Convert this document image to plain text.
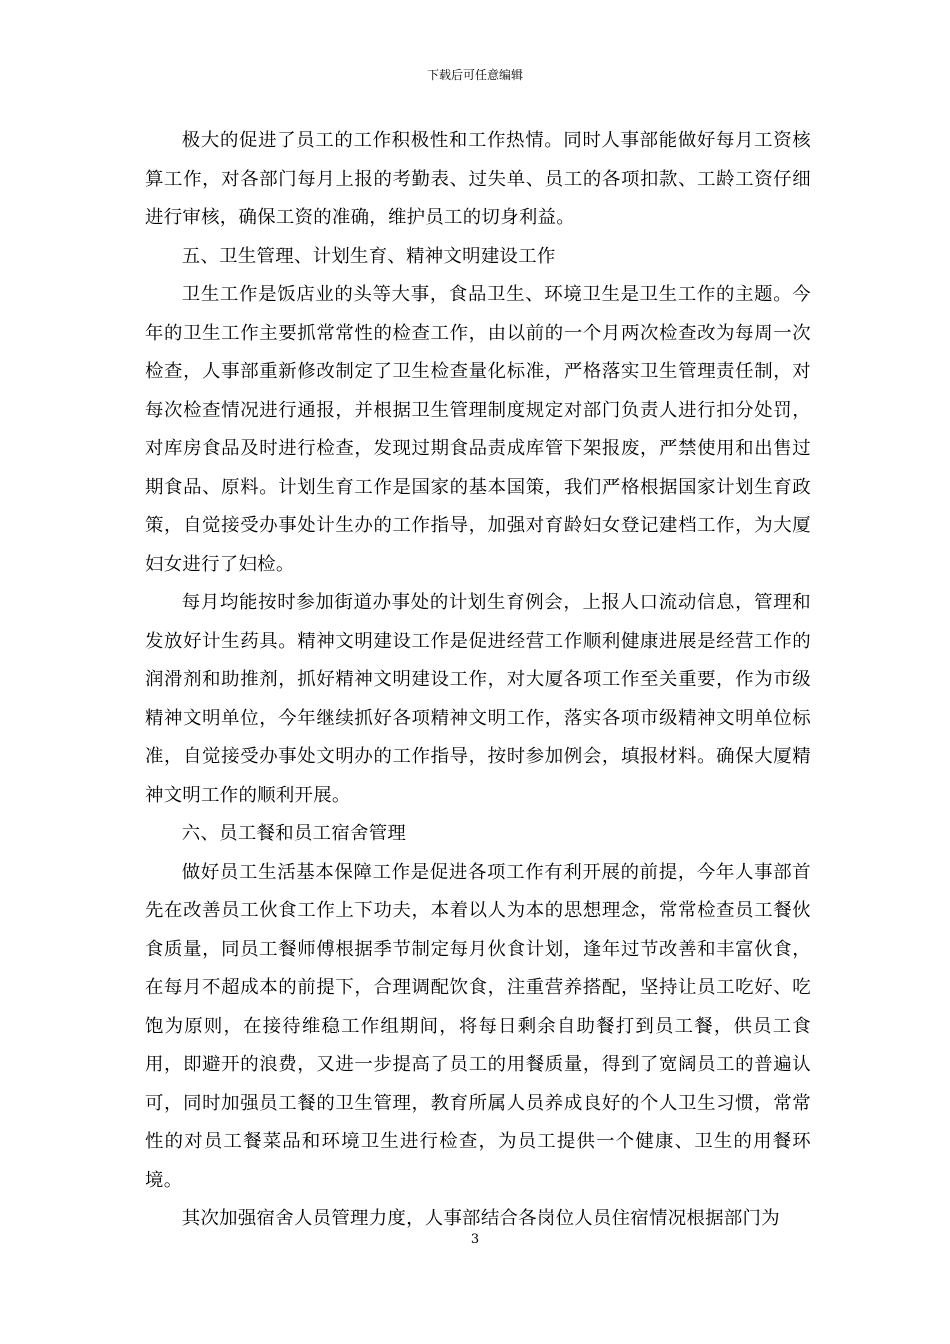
下载后可任意编辑

极大的促进了员工的工作积极性和工作热情。同时人事部能做好每月工资核算工作，对各部门每月上报的考勤表、过失单、员工的各项扣款、工龄工资仔细进行审核，确保工资的准确，维护员工的切身利益。

五、卫生管理、计划生育、精神文明建设工作

卫生工作是饭店业的头等大事，食品卫生、环境卫生是卫生工作的主题。今年的卫生工作主要抓常常性的检查工作，由以前的一个月两次检查改为每周一次检查，人事部重新修改制定了卫生检查量化标准，严格落实卫生管理责任制，对每次检查情况进行通报，并根据卫生管理制度规定对部门负责人进行扣分处罚，对库房食品及时进行检查，发现过期食品责成库管下架报废，严禁使用和出售过期食品、原料。计划生育工作是国家的基本国策，我们严格根据国家计划生育政策，自觉接受办事处计生办的工作指导，加强对育龄妇女登记建档工作，为大厦妇女进行了妇检。

每月均能按时参加街道办事处的计划生育例会，上报人口流动信息，管理和发放好计生药具。精神文明建设工作是促进经营工作顺利健康进展是经营工作的润滑剂和助推剂，抓好精神文明建设工作，对大厦各项工作至关重要，作为市级精神文明单位，今年继续抓好各项精神文明工作，落实各项市级精神文明单位标准，自觉接受办事处文明办的工作指导，按时参加例会，填报材料。确保大厦精神文明工作的顺利开展。

六、员工餐和员工宿舍管理

做好员工生活基本保障工作是促进各项工作有利开展的前提，今年人事部首先在改善员工伙食工作上下功夫，本着以人为本的思想理念，常常检查员工餐伙食质量，同员工餐师傅根据季节制定每月伙食计划，逢年过节改善和丰富伙食，在每月不超成本的前提下，合理调配饮食，注重营养搭配，坚持让员工吃好、吃饱为原则，在接待维稳工作组期间，将每日剩余自助餐打到员工餐，供员工食用，即避开的浪费，又进一步提高了员工的用餐质量，得到了宽阔员工的普遍认可，同时加强员工餐的卫生管理，教育所属人员养成良好的个人卫生习惯，常常性的对员工餐菜品和环境卫生进行检查，为员工提供一个健康、卫生的用餐环境。

其次加强宿舍人员管理力度，人事部结合各岗位人员住宿情况根据部门为

3
